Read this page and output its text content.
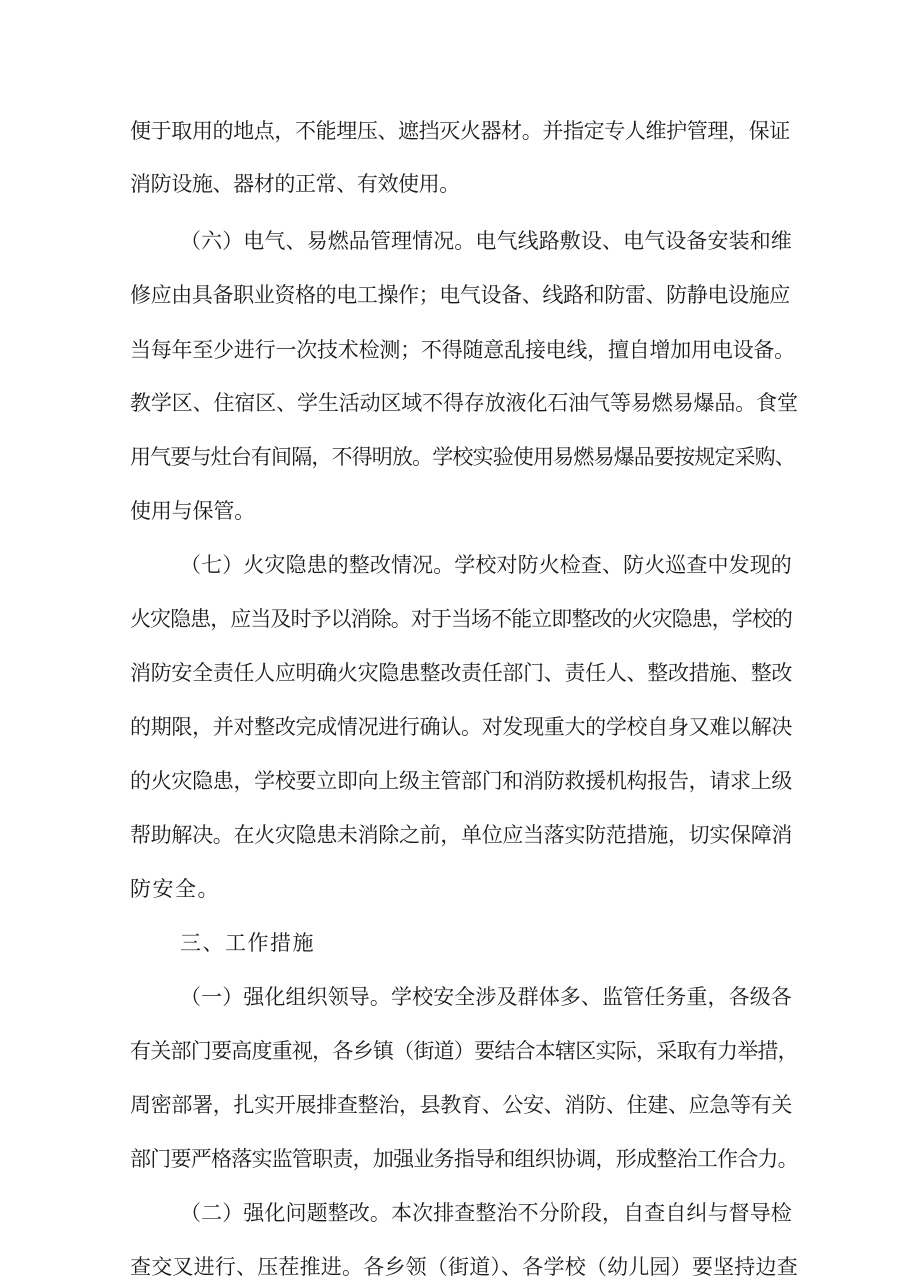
便于取用的地点，不能埋压、遮挡灭火器材。并指定专人维护管理，保证
消防设施、器材的正常、有效使用。
（六）电气、易燃品管理情况。电气线路敷设、电气设备安装和维
修应由具备职业资格的电工操作；电气设备、线路和防雷、防静电设施应
当每年至少进行一次技术检测；不得随意乱接电线，擅自增加用电设备。
教学区、住宿区、学生活动区域不得存放液化石油气等易燃易爆品。食堂
用气要与灶台有间隔，不得明放。学校实验使用易燃易爆品要按规定采购、
使用与保管。
（七）火灾隐患的整改情况。学校对防火检查、防火巡查中发现的
火灾隐患，应当及时予以消除。对于当场不能立即整改的火灾隐患，学校的
消防安全责任人应明确火灾隐患整改责任部门、责任人、整改措施、整改
的期限，并对整改完成情况进行确认。对发现重大的学校自身又难以解决
的火灾隐患，学校要立即向上级主管部门和消防救援机构报告，请求上级
帮助解决。在火灾隐患未消除之前，单位应当落实防范措施，切实保障消
防安全。
三、工作措施
（一）强化组织领导。学校安全涉及群体多、监管任务重，各级各
有关部门要高度重视，各乡镇（街道）要结合本辖区实际，采取有力举措，
周密部署，扎实开展排查整治，县教育、公安、消防、住建、应急等有关
部门要严格落实监管职责，加强业务指导和组织协调，形成整治工作合力。
（二）强化问题整改。本次排查整治不分阶段，自查自纠与督导检
查交叉进行、压茬推进。各乡领（街道）、各学校（幼儿园）要坚持边查
